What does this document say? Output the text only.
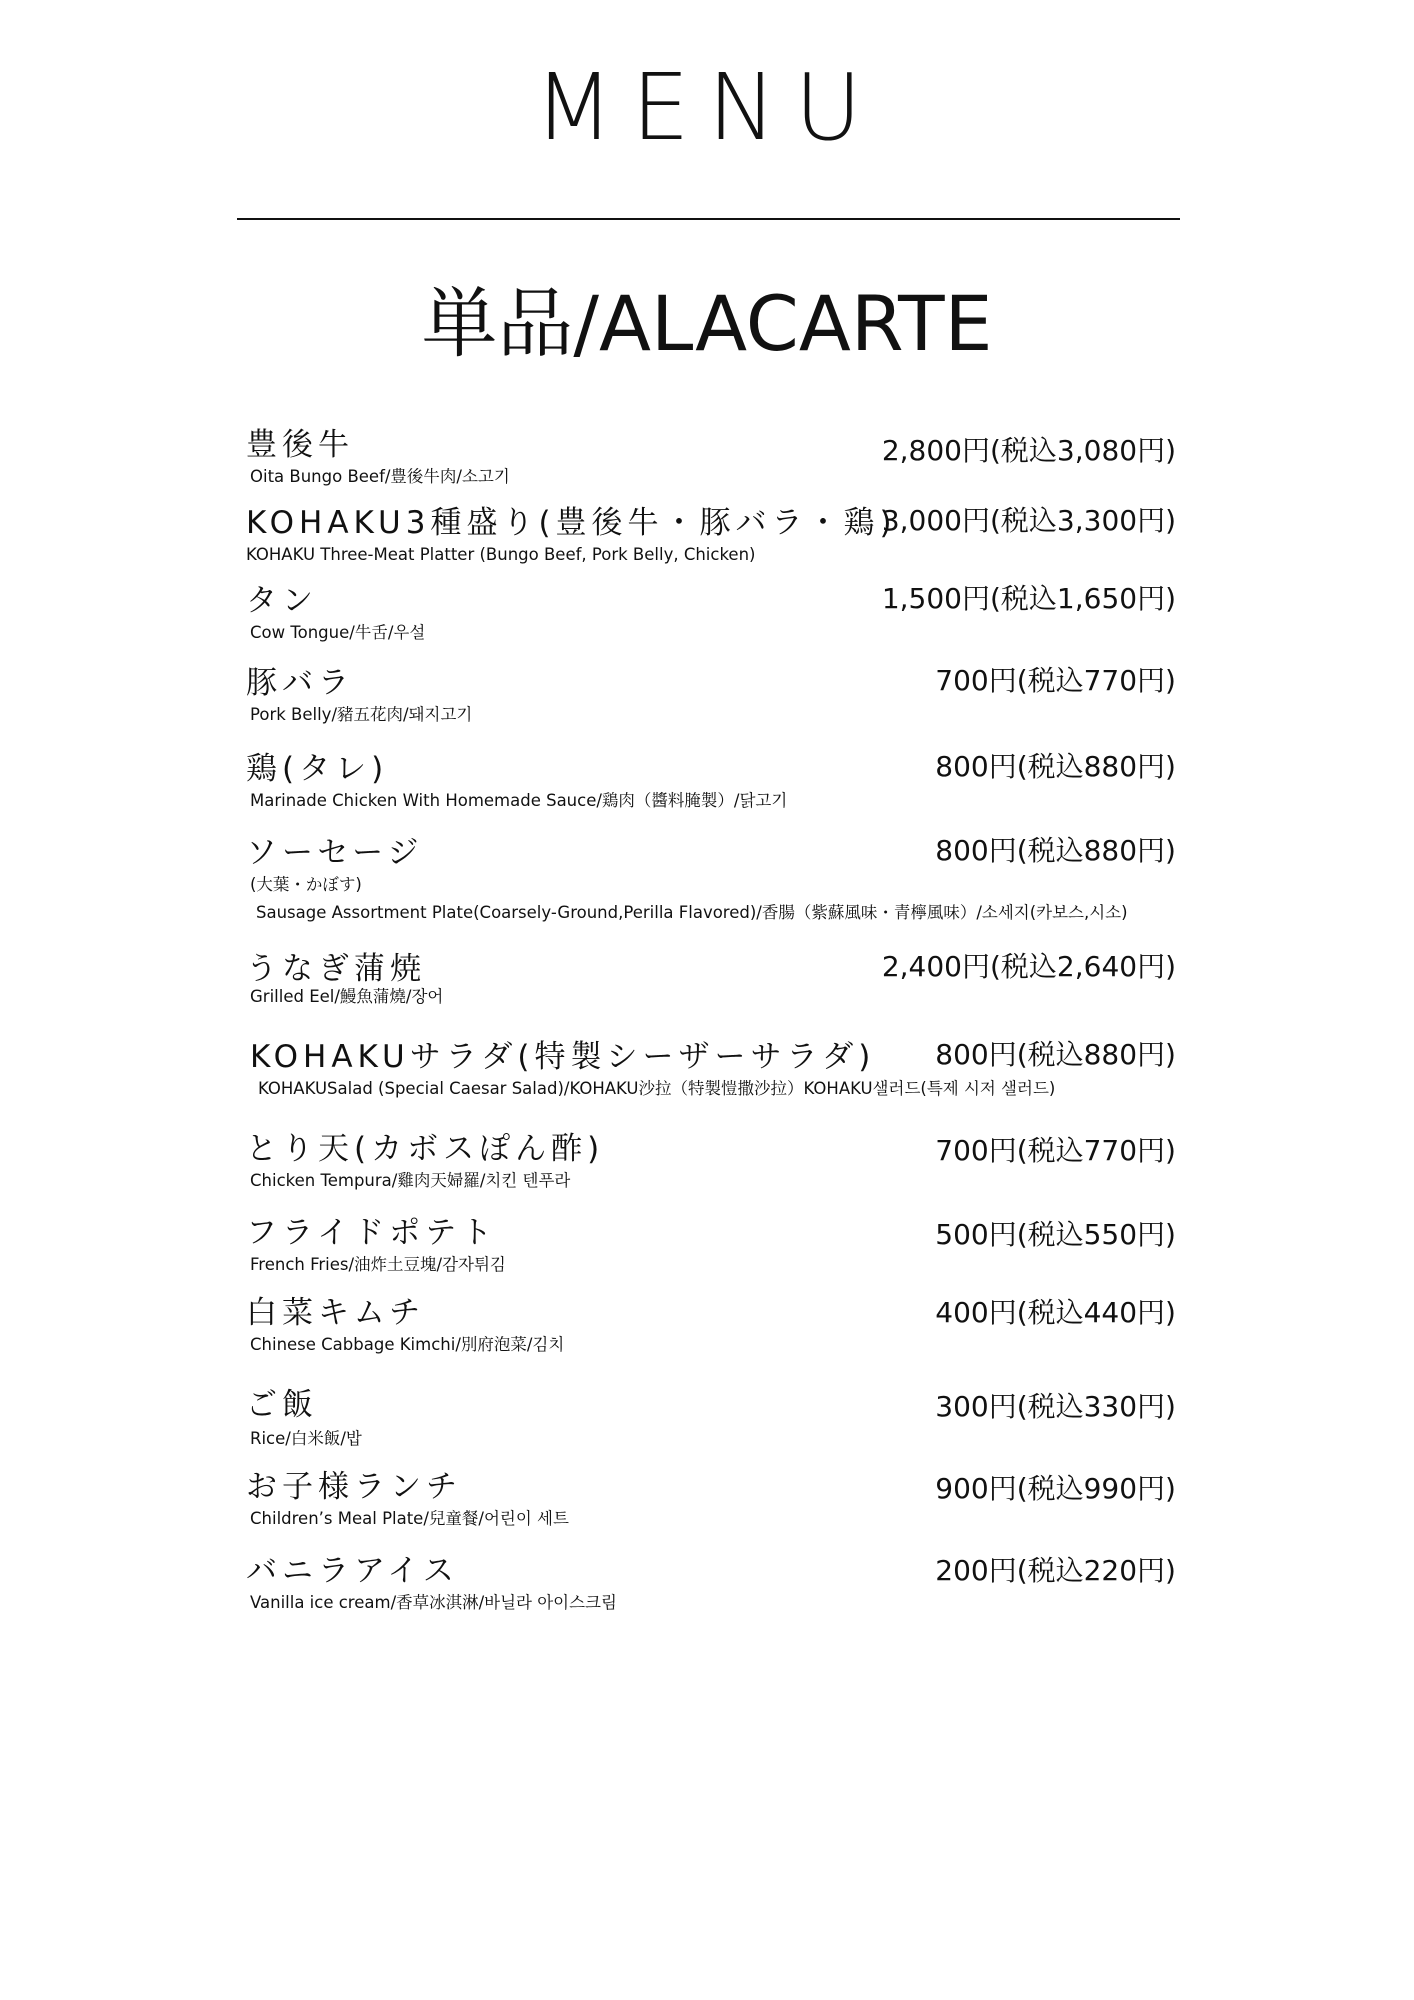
MENU
単品/ALACARTE
豊後牛	2,800円(税込3,080円)
Oita Bungo Beef/豊後牛肉/소고기
KOHAKU3種盛り(豊後牛・豚バラ・鶏)
3,000円(税込3,300円)
KOHAKU Three-Meat Platter (Bungo Beef, Pork Belly, Chicken)
タン	1,500円(税込1,650円)
Cow Tongue/牛舌/우설
豚バラ	700円(税込770円)
Pork Belly/豬五花肉/돼지고기
鶏(タレ)	800円(税込880円)
Marinade Chicken With Homemade Sauce/鶏肉（醬料腌製）/닭고기
ソーセージ	800円(税込880円)
(大葉・かぼす)
Sausage Assortment Plate(Coarsely-Ground,Perilla Flavored)/香腸（紫蘇風味・青檸風味）/소세지(카보스,시소)
うなぎ蒲焼	2,400円(税込2,640円)
Grilled Eel/鰻魚蒲燒/장어
KOHAKUサラダ(特製シーザーサラダ) 800円(税込880円)
KOHAKUSalad (Special Caesar Salad)/KOHAKU沙拉（特製愷撒沙拉）KOHAKU샐러드(특제 시저 샐러드)
とり天(カボスぽん酢)	700円(税込770円)
Chicken Tempura/雞肉天婦羅/치킨 텐푸라
フライドポテト	500円(税込550円)
French Fries/油炸土豆塊/감자튀김
白菜キムチ	400円(税込440円)
Chinese Cabbage Kimchi/別府泡菜/김치
ご飯	300円(税込330円)
Rice/白米飯/밥
お子様ランチ	900円(税込990円)
Children’s Meal Plate/兒童餐/어린이 세트
バニラアイス	200円(税込220円)
Vanilla ice cream/香草冰淇淋/바닐라 아이스크림
